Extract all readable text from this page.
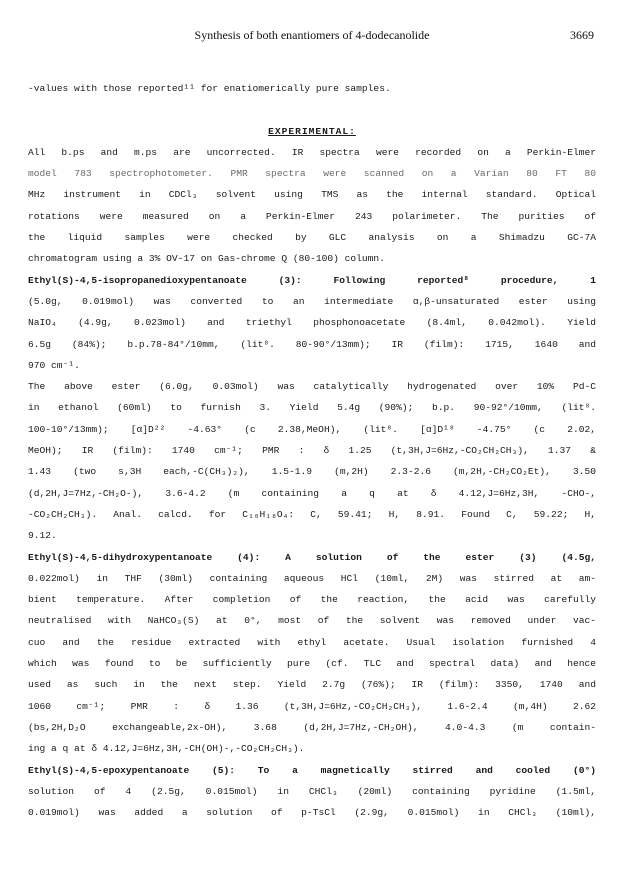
Synthesis of both enantiomers of 4-dodecanolide	3669
-values with those reported¹¹ for enatiomerically pure samples.
EXPERIMENTAL:
All b.ps and m.ps are uncorrected. IR spectra were recorded on a Perkin-Elmer
model 783 spectrophotometer. PMR spectra were scanned on a Varian 80 FT 80
MHz instrument in CDCl₃ solvent using TMS as the internal standard. Optical
rotations were measured on a Perkin-Elmer 243 polarimeter. The purities of
the liquid samples were checked by GLC analysis on a Shimadzu GC-7A
chromatogram using a 3% OV-17 on Gas-chrome Q (80-100) column.
Ethyl(S)-4,5-isopropanedioxypentanoate (3): Following reported⁸ procedure, 1
(5.0g, 0.019mol) was converted to an intermediate α,β-unsaturated ester using
NaIO₄ (4.9g, 0.023mol) and triethyl phosphonoacetate (8.4ml, 0.042mol). Yield
6.5g (84%); b.p.78-84°/10mm, (lit⁸. 80-90°/13mm); IR (film): 1715, 1640 and
970 cm⁻¹.
The above ester (6.0g, 0.03mol) was catalytically hydrogenated over 10% Pd-C
in ethanol (60ml) to furnish 3. Yield 5.4g (90%); b.p. 90-92°/10mm, (lit⁸.
100-10°/13mm); [α]D²² -4.63° (c 2.38,MeOH), (lit⁸. [α]D¹⁸ -4.75° (c 2.02,
MeOH); IR (film): 1740 cm⁻¹; PMR : δ 1.25 (t,3H,J=6Hz,-CO₂CH₂CH₃), 1.37 &
1.43 (two s,3H each,-C(CH₃)₂), 1.5-1.9 (m,2H) 2.3-2.6 (m,2H,-CH₂CO₂Et), 3.50
(d,2H,J=7Hz,-CH₂O-), 3.6-4.2 (m containing a q at δ 4.12,J=6Hz,3H, -CHO-,
-CO₂CH₂CH₃). Anal. calcd. for C₁₀H₁₈O₄: C, 59.41; H, 8.91. Found C, 59.22; H,
9.12.
Ethyl(S)-4,5-dihydroxypentanoate (4): A solution of the ester (3) (4.5g,
0.022mol) in THF (30ml) containing aqueous HCl (10ml, 2M) was stirred at am-
bient temperature. After completion of the reaction, the acid was carefully
neutralised with NaHCO₃(S) at 0°, most of the solvent was removed under vac-
cuo and the residue extracted with ethyl acetate. Usual isolation furnished 4
which was found to be sufficiently pure (cf. TLC and spectral data) and hence
used as such in the next step. Yield 2.7g (76%); IR (film): 3350, 1740 and
1060 cm⁻¹; PMR : δ 1.36 (t,3H,J=6Hz,-CO₂CH₂CH₃), 1.6-2.4 (m,4H) 2.62
(bs,2H,D₂O exchangeable,2x-OH), 3.68 (d,2H,J=7Hz,-CH₂OH), 4.0-4.3 (m contain-
ing a q at δ 4.12,J=6Hz,3H,-CH(OH)-,-CO₂CH₂CH₃).
Ethyl(S)-4,5-epoxypentanoate (5): To a magnetically stirred and cooled (0°)
solution of 4 (2.5g, 0.015mol) in CHCl₃ (20ml) containing pyridine (1.5ml,
0.019mol) was added a solution of p-TsCl (2.9g, 0.015mol) in CHCl₃ (10ml),
